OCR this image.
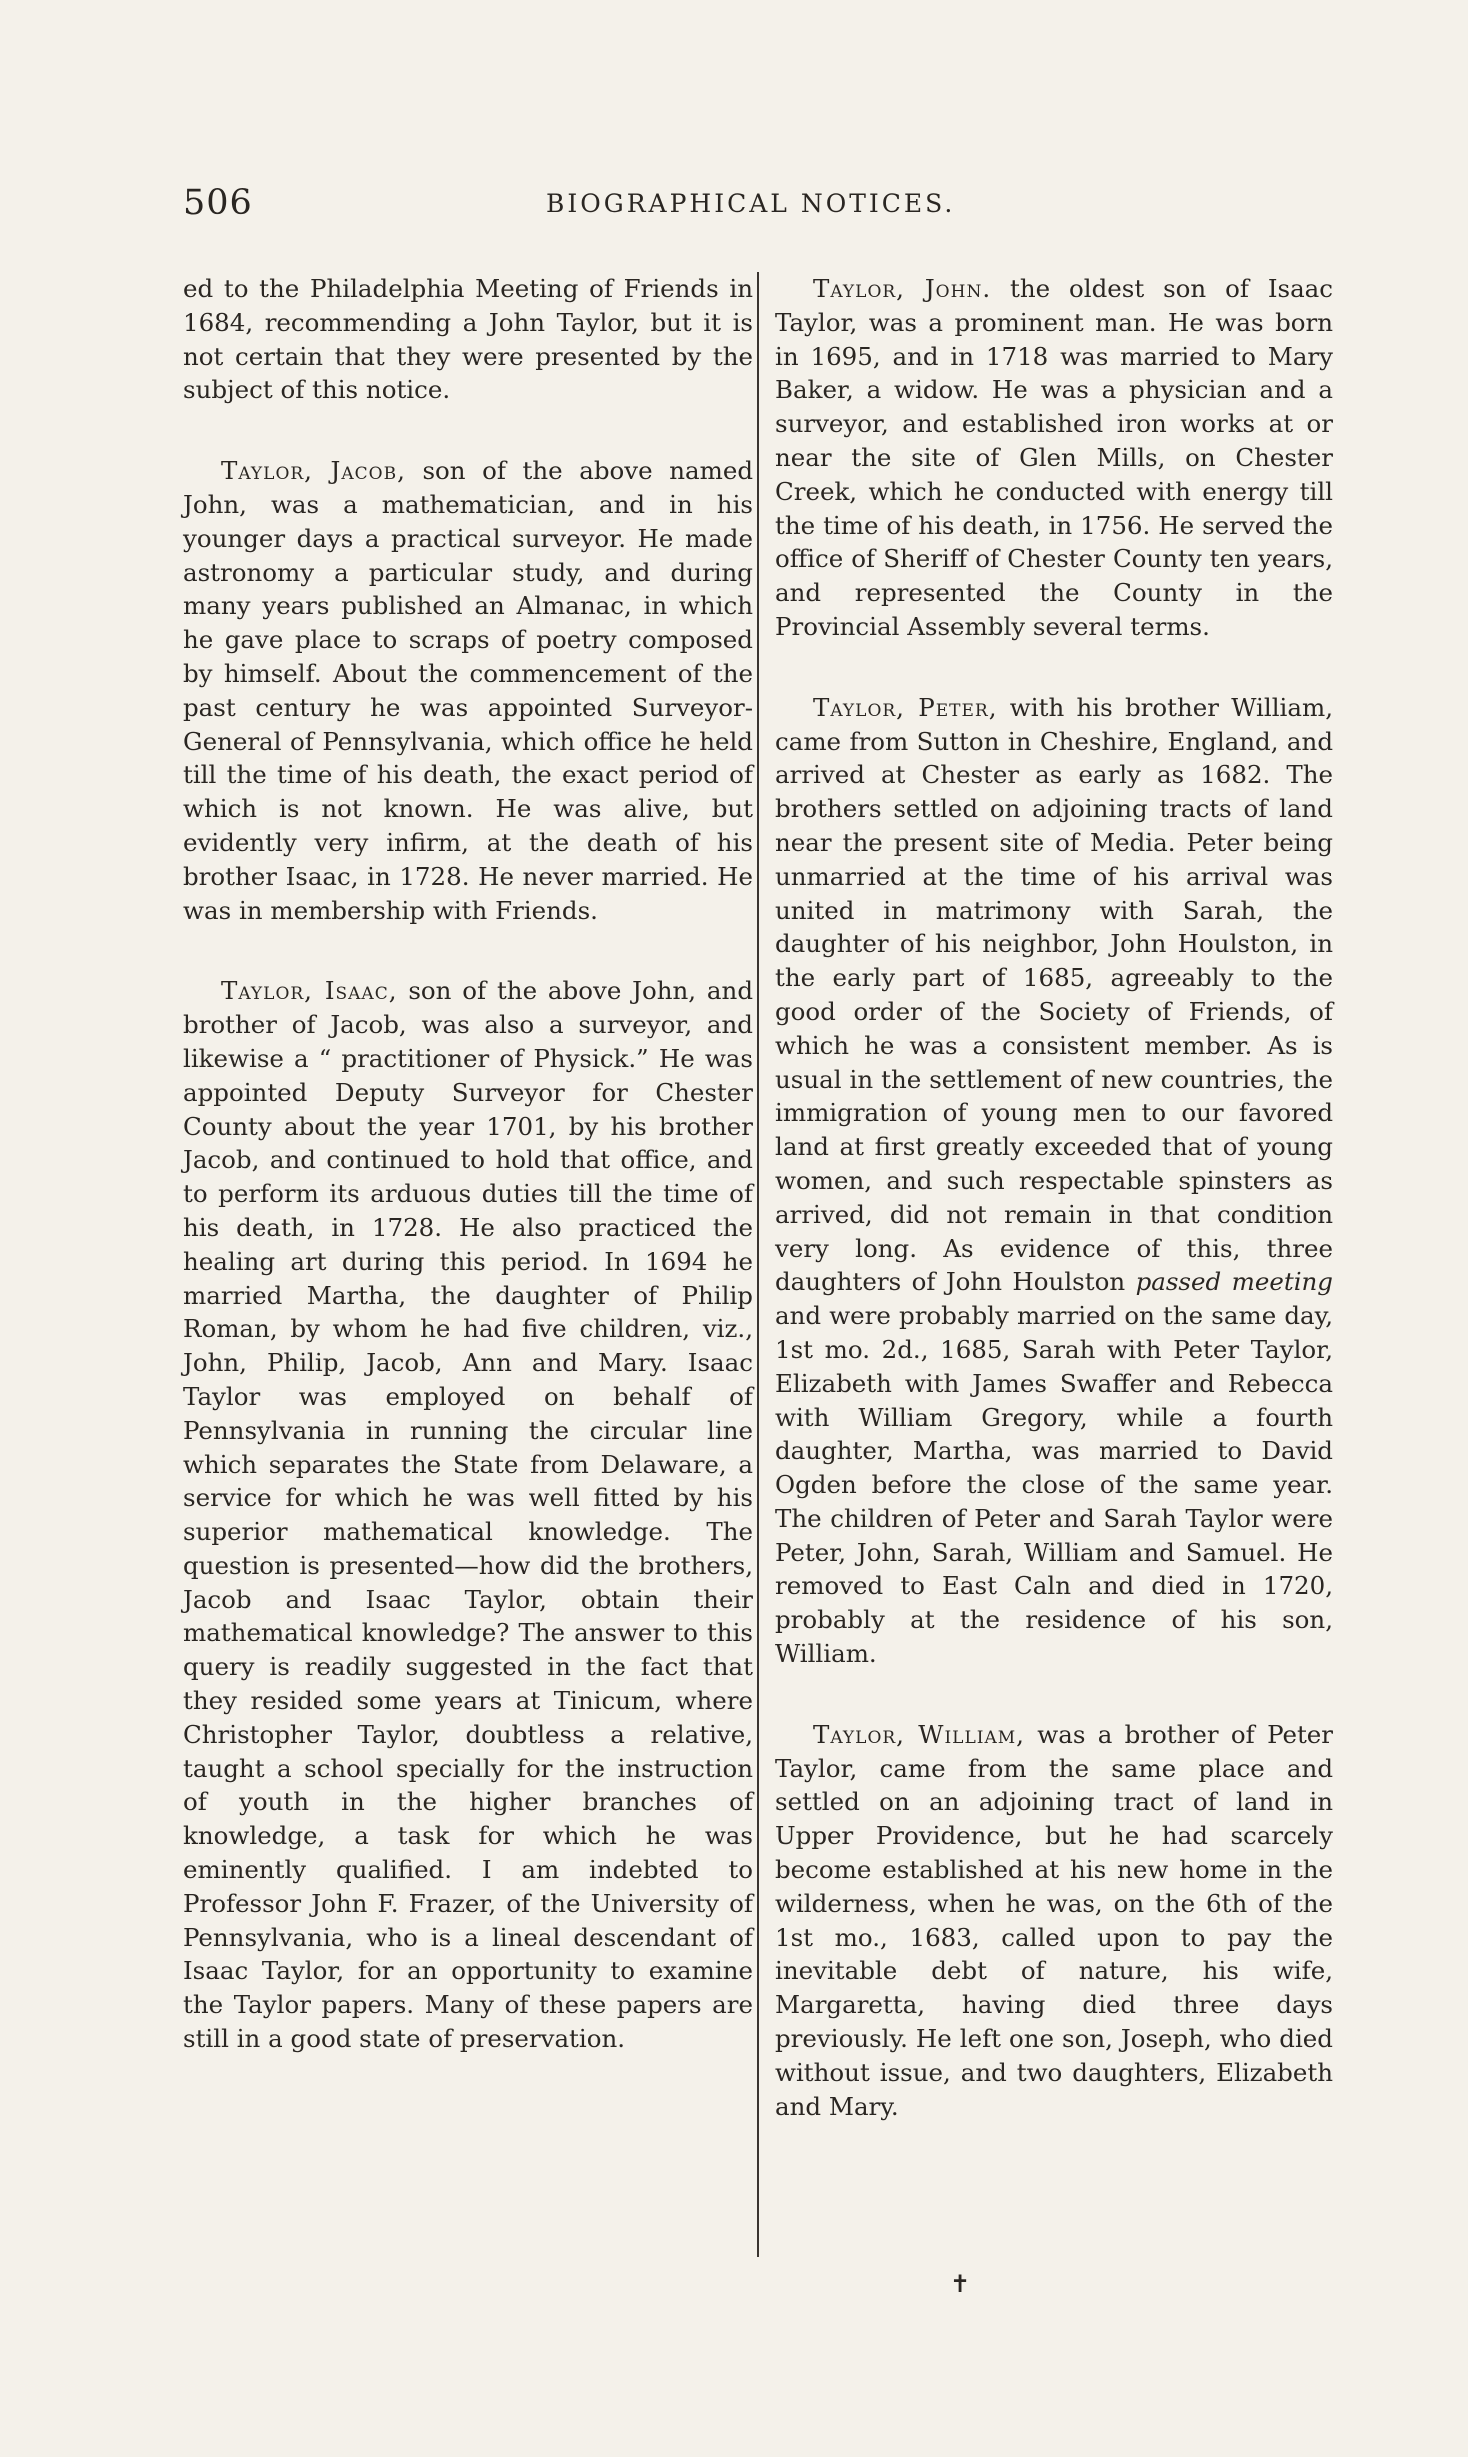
506	BIOGRAPHICAL NOTICES.

ed to the Philadelphia Meeting of Friends in 1684, recommending a John Taylor, but it is not certain that they were presented by the subject of this notice.

Taylor, Jacob, son of the above named John, was a mathematician, and in his younger days a practical surveyor. He made astronomy a particular study, and during many years published an Almanac, in which he gave place to scraps of poetry composed by himself. About the commencement of the past century he was appointed Surveyor-General of Pennsylvania, which office he held till the time of his death, the exact period of which is not known. He was alive, but evidently very infirm, at the death of his brother Isaac, in 1728. He never married. He was in membership with Friends.

Taylor, Isaac, son of the above John, and brother of Jacob, was also a surveyor, and likewise a “ practitioner of Physick.” He was appointed Deputy Surveyor for Chester County about the year 1701, by his brother Jacob, and continued to hold that office, and to perform its arduous duties till the time of his death, in 1728. He also practiced the healing art during this period. In 1694 he married Martha, the daughter of Philip Roman, by whom he had five children, viz., John, Philip, Jacob, Ann and Mary. Isaac Taylor was employed on behalf of Pennsylvania in running the circular line which separates the State from Delaware, a service for which he was well fitted by his superior mathematical knowledge. The question is presented—how did the brothers, Jacob and Isaac Taylor, obtain their mathematical knowledge? The answer to this query is readily suggested in the fact that they resided some years at Tinicum, where Christopher Taylor, doubtless a relative, taught a school specially for the instruction of youth in the higher branches of knowledge, a task for which he was eminently qualified. I am indebted to Professor John F. Frazer, of the University of Pennsylvania, who is a lineal descendant of Isaac Taylor, for an opportunity to examine the Taylor papers. Many of these papers are still in a good state of preservation.

Taylor, John. the oldest son of Isaac Taylor, was a prominent man. He was born in 1695, and in 1718 was married to Mary Baker, a widow. He was a physician and a surveyor, and established iron works at or near the site of Glen Mills, on Chester Creek, which he conducted with energy till the time of his death, in 1756. He served the office of Sheriff of Chester County ten years, and represented the County in the Provincial Assembly several terms.

Taylor, Peter, with his brother William, came from Sutton in Cheshire, England, and arrived at Chester as early as 1682. The brothers settled on adjoining tracts of land near the present site of Media. Peter being unmarried at the time of his arrival was united in matrimony with Sarah, the daughter of his neighbor, John Houlston, in the early part of 1685, agreeably to the good order of the Society of Friends, of which he was a consistent member. As is usual in the settlement of new countries, the immigration of young men to our favored land at first greatly exceeded that of young women, and such respectable spinsters as arrived, did not remain in that condition very long. As evidence of this, three daughters of John Houlston passed meeting and were probably married on the same day, 1st mo. 2d., 1685, Sarah with Peter Taylor, Elizabeth with James Swaffer and Rebecca with William Gregory, while a fourth daughter, Martha, was married to David Ogden before the close of the same year. The children of Peter and Sarah Taylor were Peter, John, Sarah, William and Samuel. He removed to East Caln and died in 1720, probably at the residence of his son, William.

Taylor, William, was a brother of Peter Taylor, came from the same place and settled on an adjoining tract of land in Upper Providence, but he had scarcely become established at his new home in the wilderness, when he was, on the 6th of the 1st mo., 1683, called upon to pay the inevitable debt of nature, his wife, Margaretta, having died three days previously. He left one son, Joseph, who died without issue, and two daughters, Elizabeth and Mary.

✝
